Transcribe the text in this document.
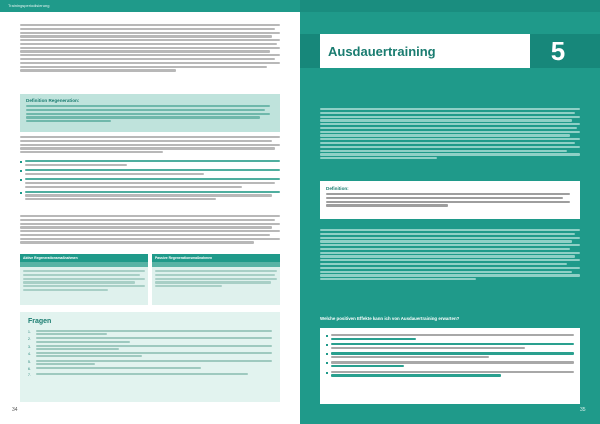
Trainingsperiodisierung
Definition Regeneration:
Aktive Regenerationsmaßnahmen	Passive Regenerationsmaßnahmen
Fragen
1.
2.
3.
4.
5.
6.
7.
34
Ausdauertraining	5
Definition:
Welche positiven Effekte kann ich von Ausdauertraining erwarten?
35
